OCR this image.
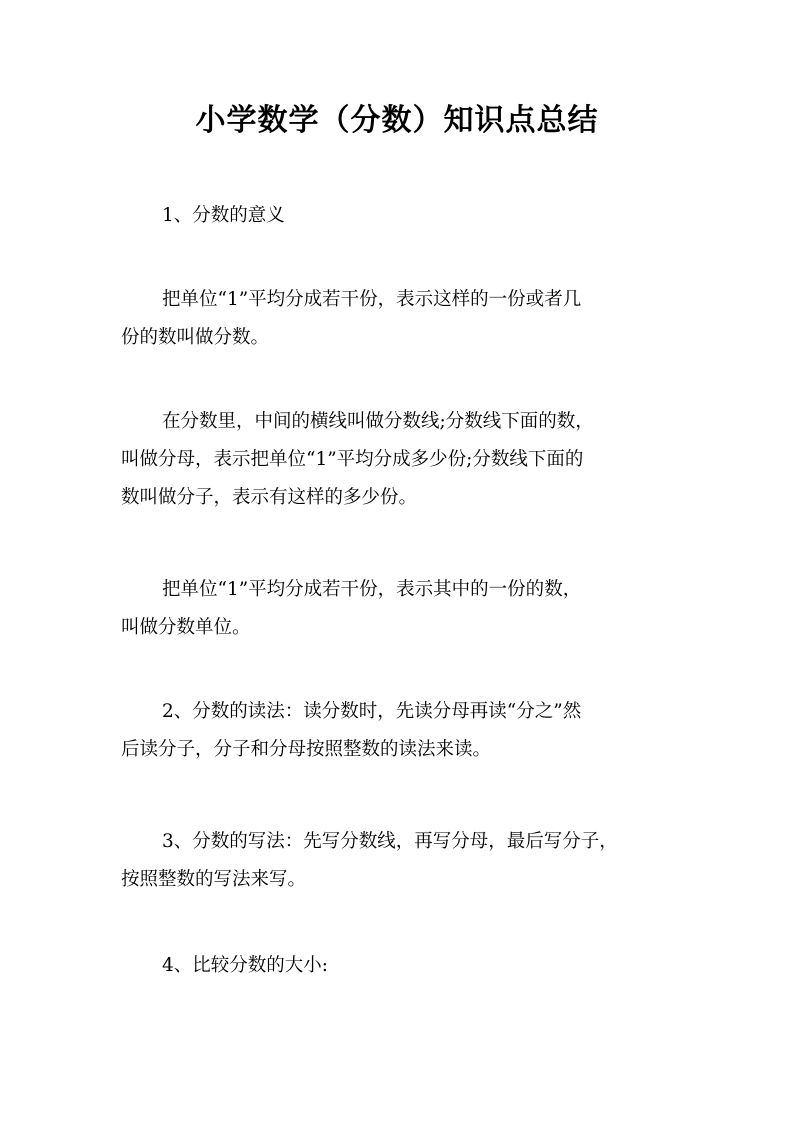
小学数学（分数）知识点总结

1、分数的意义

把单位“1”平均分成若干份，表示这样的一份或者几
份的数叫做分数。

在分数里，中间的横线叫做分数线;分数线下面的数，
叫做分母，表示把单位“1”平均分成多少份;分数线下面的
数叫做分子，表示有这样的多少份。

把单位“1”平均分成若干份，表示其中的一份的数，
叫做分数单位。

2、分数的读法：读分数时，先读分母再读“分之”然
后读分子，分子和分母按照整数的读法来读。

3、分数的写法：先写分数线，再写分母，最后写分子，
按照整数的写法来写。

4、比较分数的大小:
